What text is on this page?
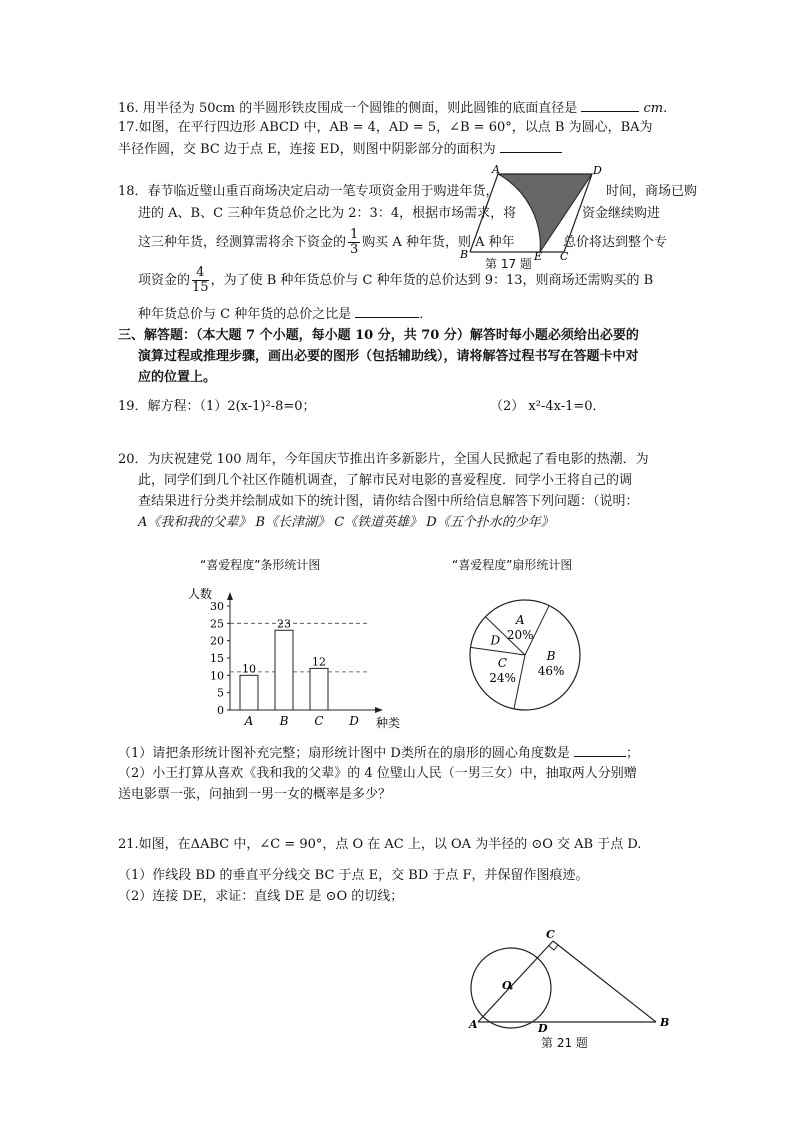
16. 用半径为 50cm 的半圆形铁皮围成一个圆锥的侧面，则此圆锥的底面直径是	cm.
17.如图，在平行四边形 ABCD 中，AB = 4，AD = 5，∠B = 60°，以点 B 为圆心，BA为
半径作圆，交 BC 边于点 E，连接 ED，则图中阴影部分的面积为
A	D
B	E C
第 17 题
18．春节临近璧山重百商场决定启动一笔专项资金用于购进年货，	时间，商场已购
进的 A、B、C 三种年货总价之比为 2：3：4，根据市场需求，将	资金继续购进
这三种年货，经测算需将余下资金的 $\frac{1}{3}$ 购买 A 种年货，则 A 种年	总价将达到整个专
项资金的 $\frac{4}{15}$ ，为了使 B 种年货总价与 C 种年货的总价达到 9：13，则商场还需购买的 B
种年货总价与 C 种年货的总价之比是	．
三、解答题：（本大题 7 个小题，每小题 10 分，共 70 分）解答时每小题必须给出必要的
演算过程或推理步骤，画出必要的图形（包括辅助线），请将解答过程书写在答题卡中对
应的位置上。
19．解方程：（1）2(x-1)²-8=0；	（2） x²-4x-1=0．
20．为庆祝建党 100 周年，今年国庆节推出许多新影片，全国人民掀起了看电影的热潮．为
此，同学们到几个社区作随机调查，了解市民对电影的喜爱程度．同学小王将自己的调
查结果进行分类并绘制成如下的统计图，请你结合图中所给信息解答下列问题：（说明：
A《我和我的父辈》 B《长津湖》 C《铁道英雄》 D《五个扑水的少年》
“喜爱程度”条形统计图
人数
种类
0
5
10
15
20
25
30
10
A
23
B
12
C D
“喜爱程度”扇形统计图
B
46%
C
24%
D
A
20%
（1）请把条形统计图补充完整；扇形统计图中 D类所在的扇形的圆心角度数是	；
（2）小王打算从喜欢《我和我的父辈》的 4 位璧山人民（一男三女）中，抽取两人分别赠
送电影票一张，问抽到一男一女的概率是多少？
21.如图，在ΔABC 中，∠C = 90°，点 O 在 AC 上，以 OA 为半径的 ⊙O 交 AB 于点 D.
（1）作线段 BD 的垂直平分线交 BC 于点 E，交 BD 于点 F，并保留作图痕迹。
（2）连接 DE，求证：直线 DE 是 ⊙O 的切线；
O
A	B
C
D
第 21 题
